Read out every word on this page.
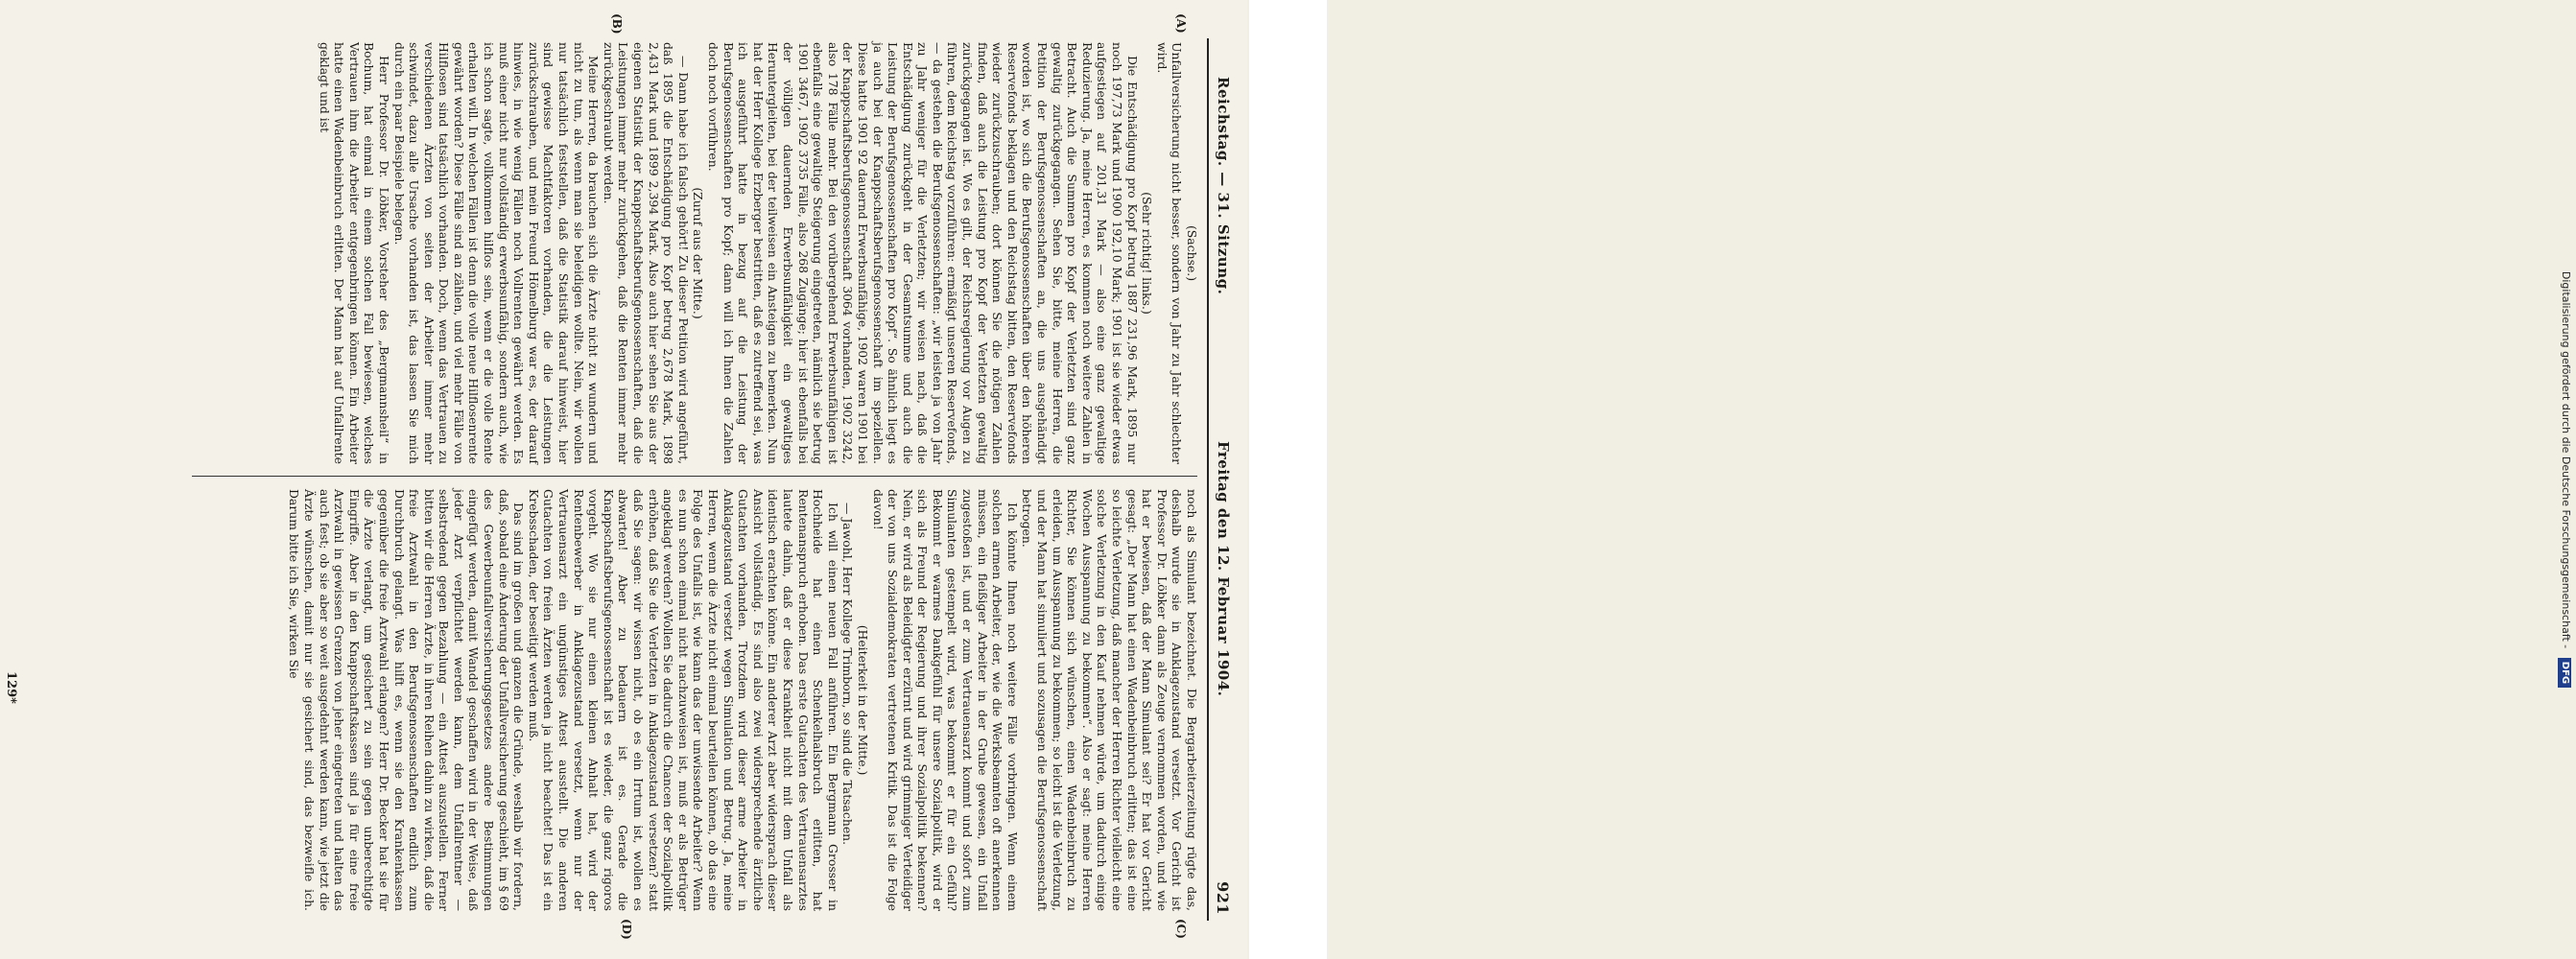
Reichstag. — 31. Sitzung.
Freitag den 12. Februar 1904.
921
(A)
(B)
(C)
(D)

(Sachse.)

Unfallversicherung nicht besser, sondern von Jahr zu Jahr schlechter wird.

(Sehr richtig! links.)

Die Entschädigung pro Kopf betrug 1887 231,96 Mark, 1895 nur noch 197,73 Mark und 1900 192,10 Mark; 1901 ist sie wieder etwas aufgestiegen auf 201,31 Mark — also eine ganz gewaltige Reduzierung. Ja, meine Herren, es kommen noch weitere Zahlen in Betracht. Auch die Summen pro Kopf der Verletzten sind ganz gewaltig zurückgegangen. Sehen Sie, bitte, meine Herren, die Petition der Berufsgenossenschaften an, die uns ausgehändigt worden ist, wo sich die Berufsgenossenschaften über den höheren Reservefonds beklagen und den Reichstag bitten, den Reservefonds wieder zurückzuschrauben; dort können Sie die nötigen Zahlen finden, daß auch die Leistung pro Kopf der Verletzten gewaltig zurückgegangen ist. Wo es gilt, der Reichsregierung vor Augen zu führen, dem Reichstag vorzuführen: ermäßigt unseren Reservefonds, — da gestehen die Berufsgenossenschaften: „wir leisten ja von Jahr zu Jahr weniger für die Verletzten; wir weisen nach, daß die Entschädigung zurückgeht in der Gesamtsumme und auch die Leistung der Berufsgenossenschaften pro Kopf“. So ähnlich liegt es ja auch bei der Knappschaftsberufsgenossenschaft im speziellen. Diese hatte 1901 92 dauernd Erwerbsunfähige, 1902 waren 1901 bei der Knappschaftsberufsgenossenschaft 3064 vorhanden, 1902 3242, also 178 Fälle mehr. Bei den vorübergehend Erwerbsunfähigen ist ebenfalls eine gewaltige Steigerung eingetreten, nämlich sie betrug 1901 3467, 1902 3735 Fälle, also 268 Zugänge; hier ist ebenfalls bei der völligen dauernden Erwerbsunfähigkeit ein gewaltiges Heruntergleiten, bei der teilweisen ein Ansteigen zu bemerken. Nun hat der Herr Kollege Erzberger bestritten, daß es zutreffend sei, was ich ausgeführt hatte in bezug auf die Leistung der Berufsgenossenschaften pro Kopf; dann will ich Ihnen die Zahlen doch noch vorführen.

(Zuruf aus der Mitte.)

— Dann habe ich falsch gehört! Zu dieser Petition wird angeführt, daß 1895 die Entschädigung pro Kopf betrug 2,678 Mark, 1898 2,431 Mark und 1899 2,394 Mark. Also auch hier sehen Sie aus der eigenen Statistik der Knappschaftsberufsgenossenschaften, daß die Leistungen immer mehr zurückgehen, daß die Renten immer mehr zurückgeschraubt werden.

Meine Herren, da brauchen sich die Ärzte nicht zu wundern und nicht zu tun, als wenn man sie beleidigen wollte. Nein, wir wollen nur tatsächlich feststellen, daß die Statistik darauf hinweist, hier sind gewisse Machtfaktoren vorhanden, die die Leistungen zurückschrauben, und mein Freund Hömelburg war es, der darauf hinwies, in wie wenig Fällen noch Vollrenten gewährt werden. Es muß einer nicht nur vollständig erwerbsunfähig, sondern auch, wie ich schon sagte, vollkommen hilflos sein, wenn er die volle Rente erhalten will. In welchen Fällen ist denn die volle neue Hilflosenrente gewährt worden? Diese Fälle sind an zählen, und viel mehr Fälle von Hilflosen sind tatsächlich vorhanden. Doch, wenn das Vertrauen zu verschiedenen Ärzten von seiten der Arbeiter immer mehr schwindet, dazu alle Ursache vorhanden ist, das lassen Sie mich durch ein paar Beispiele belegen.

Herr Professor Dr. Löbker, Vorsteher des „Bergmannsheil“ in Bochum, hat einmal in einem solchen Fall bewiesen, welches Vertrauen ihm die Arbeiter entgegenbringen können. Ein Arbeiter hatte einen Wadenbeinbruch erlitten. Der Mann hat auf Unfallrente geklagt und ist

noch als Simulant bezeichnet. Die Bergarbeiterzeitung rügte das, deshalb wurde sie in Anklagezustand versetzt. Vor Gericht ist Professor Dr. Löbker dann als Zeuge vernommen worden, und wie hat er bewiesen, daß der Mann Simulant sei? Er hat vor Gericht gesagt: „Der Mann hat einen Wadenbeinbruch erlitten; das ist eine so leichte Verletzung, daß mancher der Herren Richter vielleicht eine solche Verletzung in den Kauf nehmen würde, um dadurch einige Wochen Ausspannung zu bekommen“. Also er sagt: meine Herren Richter, Sie können sich wünschen, einen Wadenbeinbruch zu erleiden, um Ausspannung zu bekommen; so leicht ist die Verletzung, und der Mann hat simuliert und sozusagen die Berufsgenossenschaft betrogen.

Ich könnte Ihnen noch weitere Fälle vorbringen. Wenn einem solchen armen Arbeiter, der, wie die Werksbeamten oft anerkennen müssen, ein fleißiger Arbeiter in der Grube gewesen, ein Unfall zugestoßen ist, und er zum Vertrauensarzt kommt und sofort zum Simulanten gestempelt wird, was bekommt er für ein Gefühl? Bekommt er warmes Dankgefühl für unsere Sozialpolitik, wird er sich als Freund der Regierung und ihrer Sozialpolitik bekennen? Nein, er wird als Beleidigter erzürnt und wird grimmiger Verteidiger der von uns Sozialdemokraten vertretenen Kritik. Das ist die Folge davon!

(Heiterkeit in der Mitte.)

— Jawohl, Herr Kollege Trimborn, so sind die Tatsachen.

Ich will einen neuen Fall anführen. Ein Bergmann Grosser in Hochheide hat einen Schenkelhalsbruch erlitten, hat Rentenanspruch erhoben. Das erste Gutachten des Vertrauensarztes lautete dahin, daß er diese Krankheit nicht mit dem Unfall als identisch erachten könne. Ein anderer Arzt aber widersprach dieser Ansicht vollständig. Es sind also zwei widersprechende ärztliche Gutachten vorhanden. Trotzdem wird dieser arme Arbeiter in Anklagezustand versetzt wegen Simulation und Betrug. Ja, meine Herren, wenn die Ärzte nicht einmal beurteilen können, ob das eine Folge des Unfalls ist, wie kann das der unwissende Arbeiter? Wenn es nun schon einmal nicht nachzuweisen ist, muß er als Betrüger angeklagt werden? Wollen Sie dadurch die Chancen der Sozialpolitik erhöhen, daß Sie die Verletzten in Anklagezustand versetzen? statt daß Sie sagen: wir wissen nicht, ob es ein Irrtum ist, wollen es abwarten! Aber zu bedauern ist es. Gerade die Knappschaftsberufsgenossenschaft ist es wieder, die ganz rigoros vorgeht. Wo sie nur einen kleinen Anhalt hat, wird der Rentenbewerber in Anklagezustand versetzt, wenn nur der Vertrauensarzt ein ungünstiges Attest ausstellt. Die anderen Gutachten von freien Ärzten werden ja nicht beachtet! Das ist ein Krebsschaden, der beseitigt werden muß.

Das sind im großen und ganzen die Gründe, weshalb wir fordern, daß, sobald eine Änderung der Unfallversicherung geschieht, im § 69 des Gewerbeunfallversicherungsgesetzes andere Bestimmungen eingefügt werden, damit Wandel geschaffen wird in der Weise, daß jeder Arzt verpflichtet werden kann, dem Unfallrentner — selbstredend gegen Bezahlung — ein Attest auszustellen. Ferner bitten wir die Herren Ärzte, in ihren Reihen dahin zu wirken, daß die freie Arztwahl in den Berufsgenossenschaften endlich zum Durchbruch gelangt. Was hilft es, wenn sie den Krankenkassen gegenüber die freie Arztwahl erlangen? Herr Dr. Becker hat sie für die Ärzte verlangt, um gesichert zu sein gegen unberechtigte Eingriffe. Aber in den Knappschaftskassen sind ja für eine freie Arztwahl in gewissen Grenzen von jeher eingetreten und halten das auch fest; ob sie aber so weit ausgedehnt werden kann, wie jetzt die Ärzte wünschen, damit nur sie gesichert sind, das bezweifle ich. Darum bitte ich Sie, wirken Sie

129*
Digitalisierung gefördert durch die Deutsche Forschungsgemeinschaft - DFG
